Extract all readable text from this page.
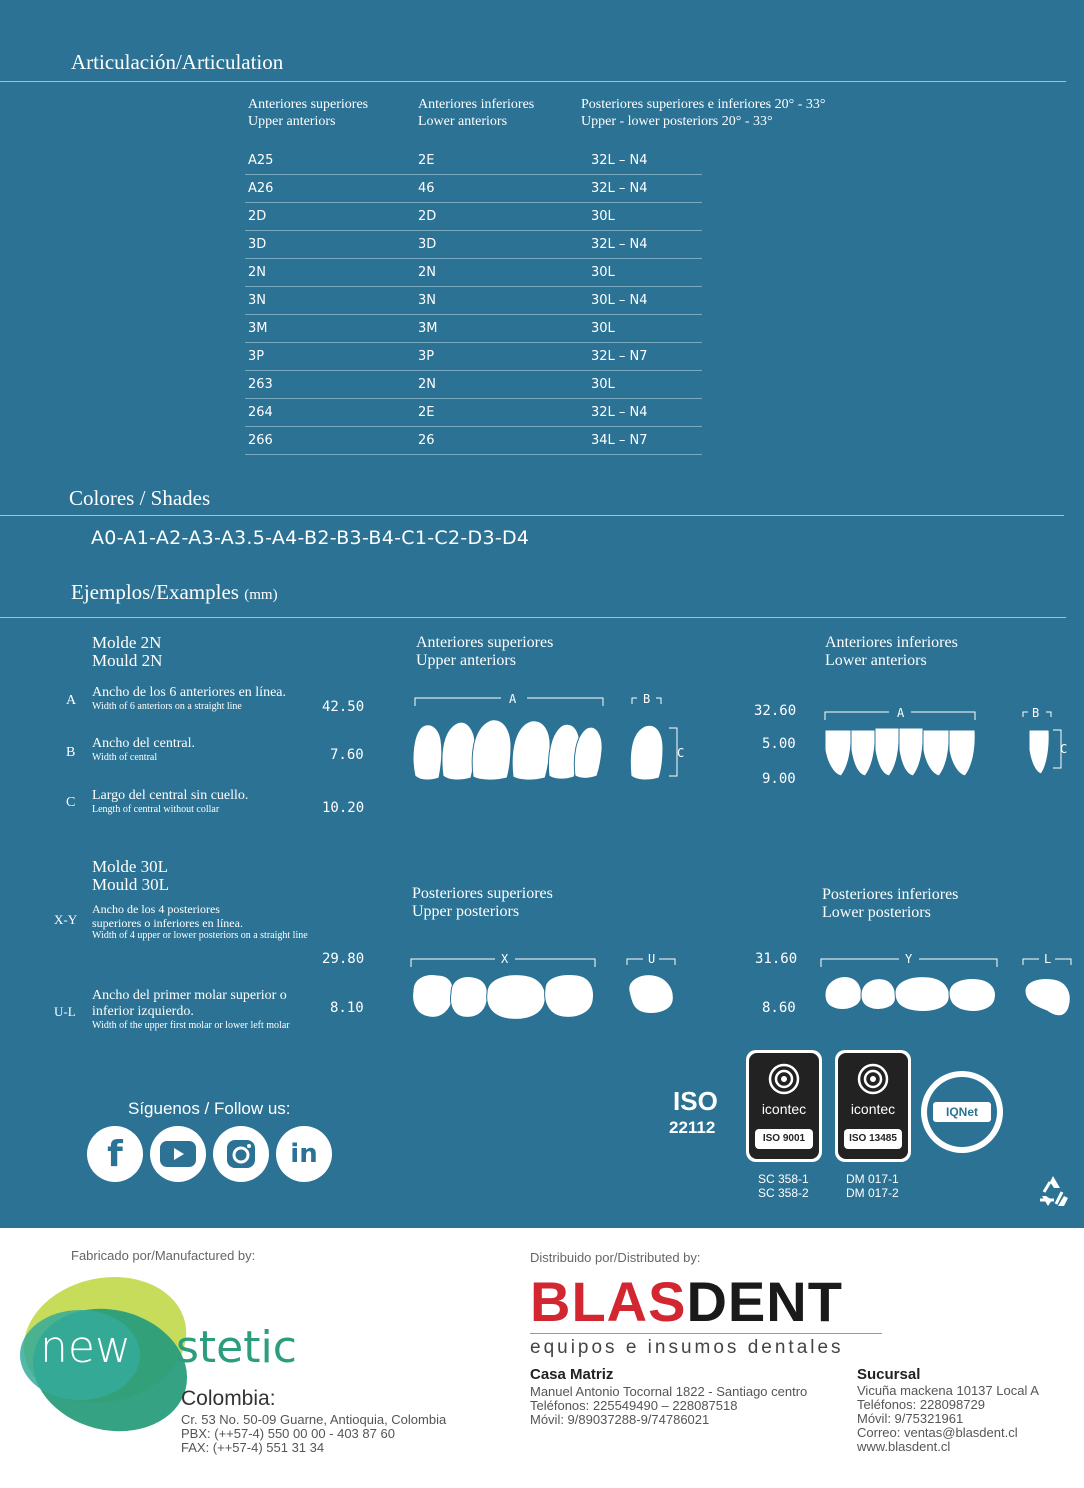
Articulación/Articulation
Anteriores superiores
Upper anteriors
Anteriores inferiores
Lower anteriors
Posteriores superiores e inferiores 20° - 33°
Upper - lower posteriors 20° - 33°
A25	2E	32L – N4
A26	46	32L – N4
2D	2D	30L
3D	3D	32L – N4
2N	2N	30L
3N	3N	30L – N4
3M	3M	30L
3P	3P	32L – N7
263	2N	30L
264	2E	32L – N4
266	26	34L – N7
Colores / Shades
A0-A1-A2-A3-A3.5-A4-B2-B3-B4-C1-C2-D3-D4
Ejemplos/Examples (mm)
Molde 2N
Mould 2N
A
Ancho de los 6 anteriores en línea.
Width of 6 anteriors on a straight line	42.50
B
Ancho del central.
Width of central	7.60
C Largo del central sin cuello.
Length of central without collar	10.20
Anteriores superiores
Upper anteriors
A	B
C
Anteriores inferiores
Lower anteriors
32.60
5.00
9.00
A	B
C
Molde 30L
Mould 30L
X-Y
Ancho de los 4 posteriores
superiores o inferiores en línea.
Width of 4 upper or lower posteriors on a straight line
29.80
U-L
Ancho del primer molar superior o
inferior izquierdo.
Width of the upper first molar or lower left molar
8.10
Posteriores superiores
Upper posteriors
X	U
Posteriores inferiores
Lower posteriors
31.60
8.60
Y	L
Síguenos / Follow us:
f	in
ISO
22112
icontec
ISO 9001
SC 358-1
SC 358-2
icontec
ISO 13485
DM 017-1
DM 017-2
IQNet
Fabricado por/Manufactured by:
new stetic
Colombia:
Cr. 53 No. 50-09 Guarne, Antioquia, Colombia
PBX: (++57-4) 550 00 00 - 403 87 60
FAX: (++57-4) 551 31 34
Distribuido por/Distributed by:
BLASDENT
equipos e insumos dentales
Casa Matriz
Manuel Antonio Tocornal 1822 - Santiago centro
Teléfonos: 225549490 – 228087518
Móvil: 9/89037288-9/74786021
Sucursal
Vicuña mackena 10137 Local A
Teléfonos: 228098729
Móvil: 9/75321961
Correo: ventas@blasdent.cl
www.blasdent.cl
